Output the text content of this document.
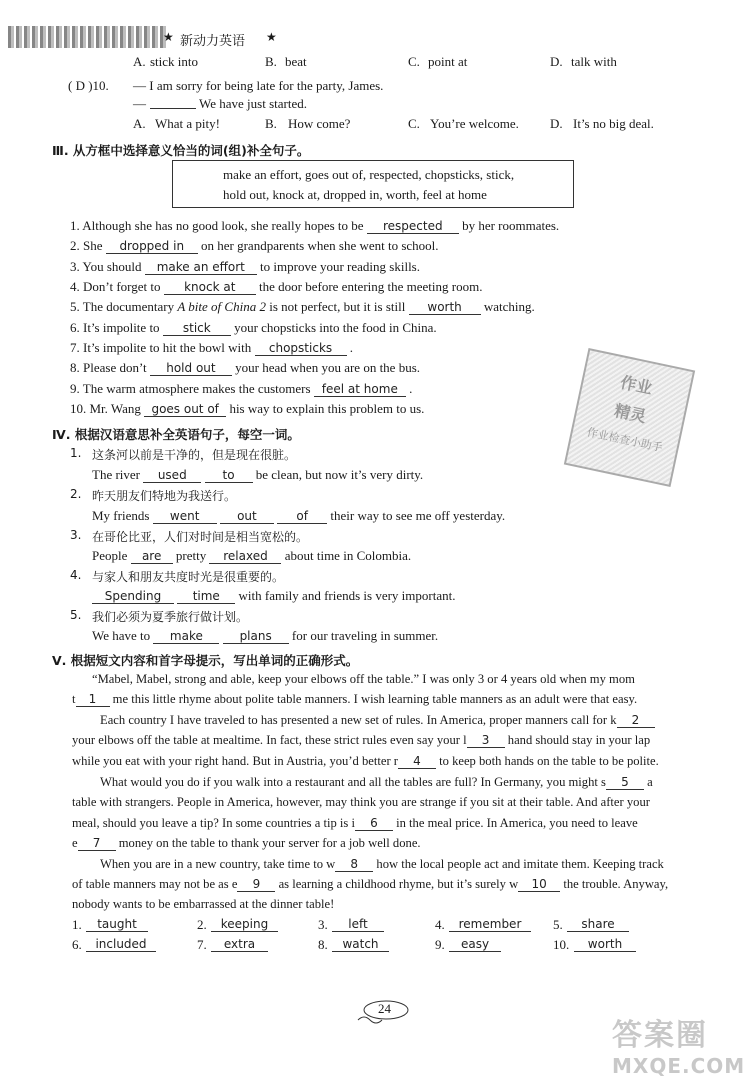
★ 新动力英语 ★
A. stick into	B. beat	C. point at	D. talk with
( D )10. — I am sorry for being late for the party, James.
—	We have just started.
A. What a pity!	B. How come?	C. You’re welcome. D. It’s no big deal.
Ⅲ. 从方框中选择意义恰当的词(组)补全句子。
make an effort, goes out of, respected, chopsticks, stick,
hold out, knock at, dropped in, worth, feel at home
1. Although she has no good look, she really hopes to be respected by her roommates.
2. She dropped in on her grandparents when she went to school.
3. You should make an effort to improve your reading skills.
4. Don’t forget to knock at the door before entering the meeting room.
5. The documentary A bite of China 2 is not perfect, but it is still worth watching.
6. It’s impolite to stick your chopsticks into the food in China.
7. It’s impolite to hit the bowl with chopsticks .
8. Please don’t hold out your head when you are on the bus.
9. The warm atmosphere makes the customers feel at home .
10. Mr. Wang goes out of his way to explain this problem to us.
Ⅳ. 根据汉语意思补全英语句子，每空一词。
1. 这条河以前是干净的，但是现在很脏。
The river used	to be clean, but now it’s very dirty.
2. 昨天朋友们特地为我送行。
My friends went	out	of their way to see me off yesterday.
3. 在哥伦比亚，人们对时间是相当宽松的。
People are pretty relaxed about time in Colombia.
4. 与家人和朋友共度时光是很重要的。
Spending	time with family and friends is very important.
5. 我们必须为夏季旅行做计划。
We have to make	plans for our traveling in summer.
Ⅴ. 根据短文内容和首字母提示，写出单词的正确形式。
“Mabel, Mabel, strong and able, keep your elbows off the table.” I was only 3 or 4 years old when my mom
t 1 me this little rhyme about polite table manners. I wish learning table manners as an adult were that easy.
Each country I have traveled to has presented a new set of rules. In America, proper manners call for k 2
your elbows off the table at mealtime. In fact, these strict rules even say your l 3 hand should stay in your lap
while you eat with your right hand. But in Austria, you’d better r 4 to keep both hands on the table to be polite.
What would you do if you walk into a restaurant and all the tables are full? In Germany, you might s 5 a
table with strangers. People in America, however, may think you are strange if you sit at their table. And after your
meal, should you leave a tip? In some countries a tip is i 6 in the meal price. In America, you need to leave
e 7 money on the table to thank your server for a job well done.
When you are in a new country, take time to w 8 how the local people act and imitate them. Keeping track
of table manners may not be as e 9 as learning a childhood rhyme, but it’s surely w 10 the trouble. Anyway,
nobody wants to be embarrassed at the dinner table!
1.	taught	2.	keeping	3.	left	4.	remember	5.	share
6.	included	7.	extra	8.	watch	9.	easy	10.	worth
作业
精灵
作业检查小助手
24
答案圈
MXQE.COM
